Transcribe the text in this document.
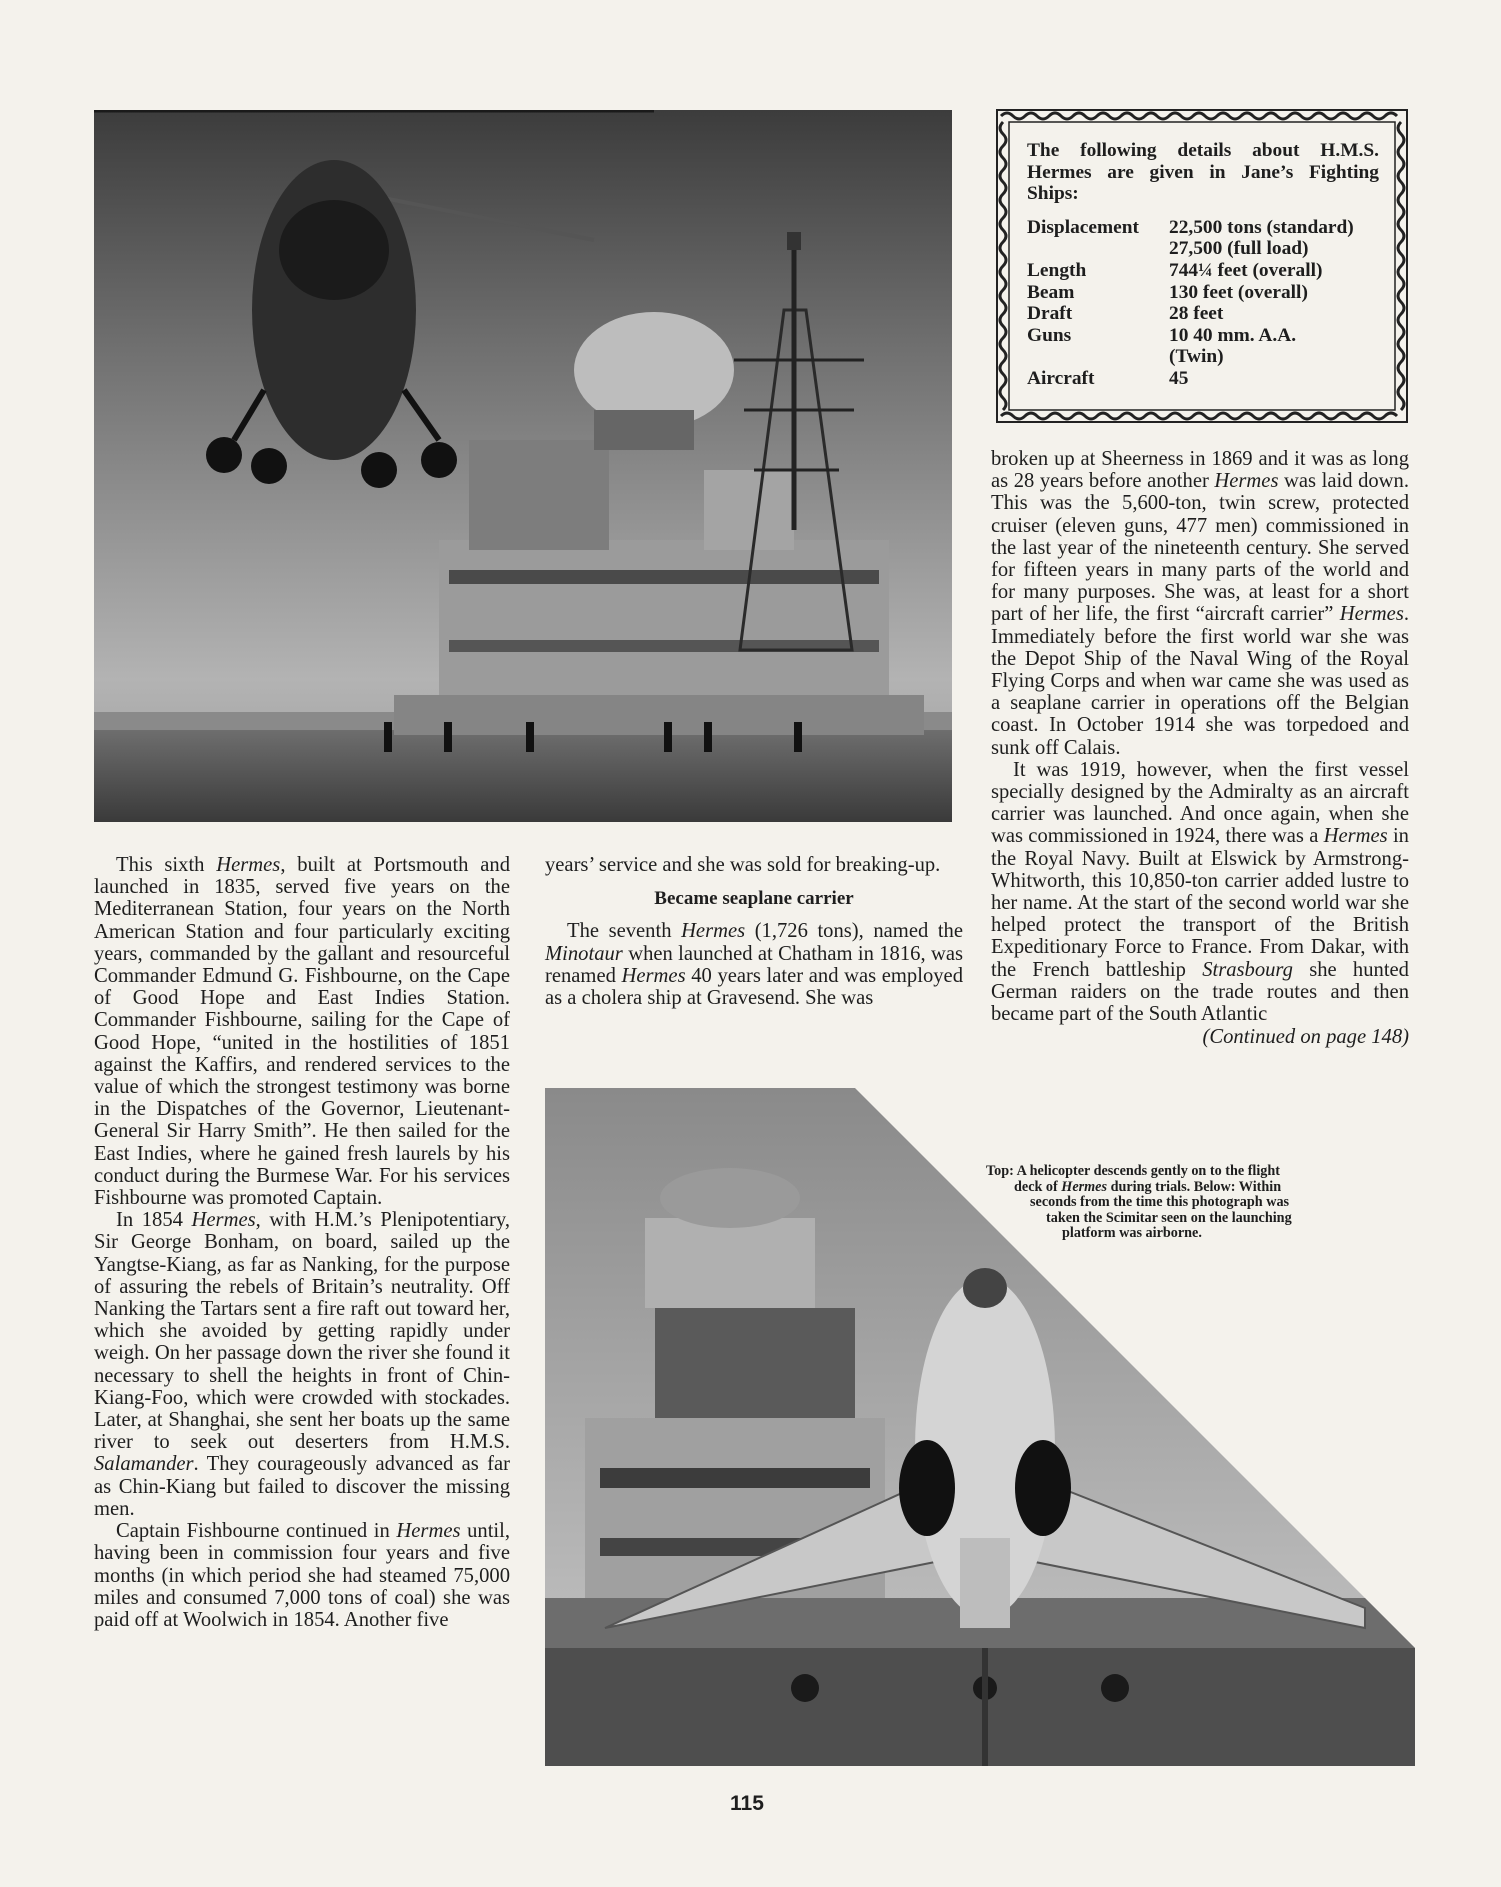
The following details about H.M.S. Hermes are given in Jane’s Fighting Ships:

Displacement	22,500 tons (standard)
	27,500 (full load)
Length	744¼ feet (overall)
Beam	130 feet (overall)
Draft	28 feet
Guns	10 40 mm. A.A.
	(Twin)
Aircraft	45

broken up at Sheerness in 1869 and it was as long as 28 years before another Hermes was laid down. This was the 5,600-ton, twin screw, protected cruiser (eleven guns, 477 men) commissioned in the last year of the nineteenth century. She served for fifteen years in many parts of the world and for many purposes. She was, at least for a short part of her life, the first “aircraft carrier” Hermes. Immediately before the first world war she was the Depot Ship of the Naval Wing of the Royal Flying Corps and when war came she was used as a seaplane carrier in operations off the Belgian coast. In October 1914 she was torpedoed and sunk off Calais.

It was 1919, however, when the first vessel specially designed by the Admiralty as an aircraft carrier was launched. And once again, when she was commissioned in 1924, there was a Hermes in the Royal Navy. Built at Elswick by Armstrong-Whitworth, this 10,850-ton carrier added lustre to her name. At the start of the second world war she helped protect the transport of the British Expeditionary Force to France. From Dakar, with the French battleship Strasbourg she hunted German raiders on the trade routes and then became part of the South Atlantic

(Continued on page 148)

This sixth Hermes, built at Portsmouth and launched in 1835, served five years on the Mediterranean Station, four years on the North American Station and four particularly exciting years, commanded by the gallant and resourceful Commander Edmund G. Fishbourne, on the Cape of Good Hope and East Indies Station. Commander Fishbourne, sailing for the Cape of Good Hope, “united in the hostilities of 1851 against the Kaffirs, and rendered services to the value of which the strongest testimony was borne in the Dispatches of the Governor, Lieutenant-General Sir Harry Smith”. He then sailed for the East Indies, where he gained fresh laurels by his conduct during the Burmese War. For his services Fishbourne was promoted Captain.

In 1854 Hermes, with H.M.’s Plenipotentiary, Sir George Bonham, on board, sailed up the Yangtse-Kiang, as far as Nanking, for the purpose of assuring the rebels of Britain’s neutrality. Off Nanking the Tartars sent a fire raft out toward her, which she avoided by getting rapidly under weigh. On her passage down the river she found it necessary to shell the heights in front of Chin-Kiang-Foo, which were crowded with stockades. Later, at Shanghai, she sent her boats up the same river to seek out deserters from H.M.S. Salamander. They courageously advanced as far as Chin-Kiang but failed to discover the missing men.

Captain Fishbourne continued in Hermes until, having been in commission four years and five months (in which period she had steamed 75,000 miles and consumed 7,000 tons of coal) she was paid off at Woolwich in 1854. Another five

years’ service and she was sold for breaking-up.

Became seaplane carrier

The seventh Hermes (1,726 tons), named the Minotaur when launched at Chatham in 1816, was renamed Hermes 40 years later and was employed as a cholera ship at Gravesend. She was

Top: A helicopter descends gently on to the flight

deck of Hermes during trials. Below: Within

seconds from the time this photograph was

taken the Scimitar seen on the launching

platform was airborne.

115
